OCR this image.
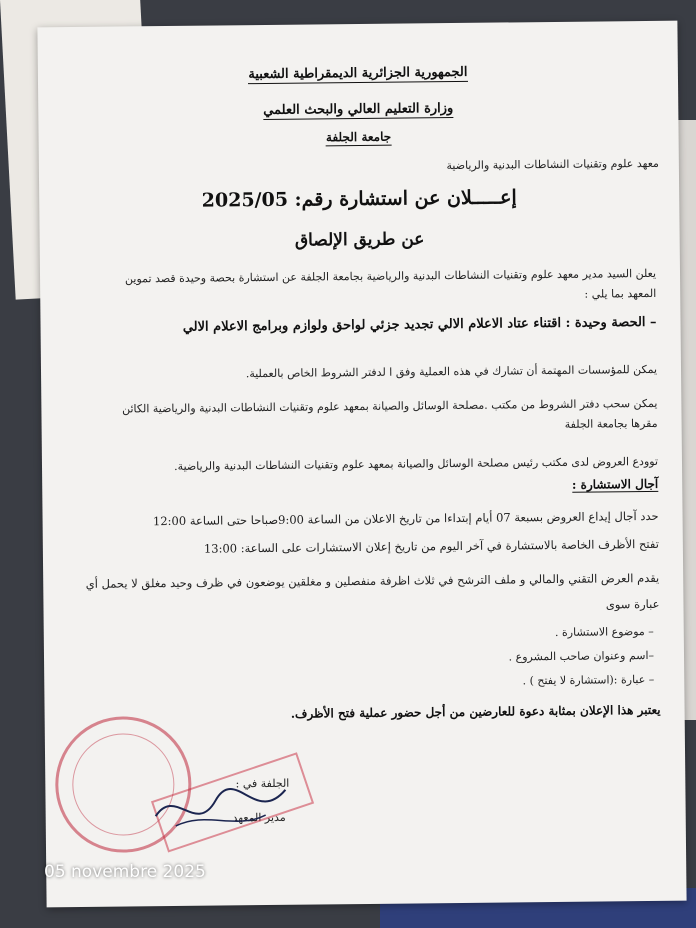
الجمهورية الجزائرية الديمقراطية الشعبية
وزارة التعليم العالي والبحث العلمي
جامعة الجلفة
معهد علوم وتقنيات النشاطات البدنية والرياضية
إعـــــلان عن استشارة رقم: 2025/05
عن طريق الإلصاق
يعلن السيد مدير معهد علوم وتقنيات النشاطات البدنية والرياضية بجامعة الجلفة عن استشارة بحصة وحيدة قصد تموين
المعهد بما يلي :
– الحصة وحيدة : اقتناء عتاد الاعلام الالي تجديد جزئي لواحق ولوازم وبرامج الاعلام الالي
يمكن للمؤسسات المهتمة أن تشارك في هذه العملية وفق ا لدفتر الشروط الخاص بالعملية.
يمكن سحب دفتر الشروط من مكتب .مصلحة الوسائل والصيانة بمعهد علوم وتقنيات النشاطات البدنية والرياضية الكائن
مقرها بجامعة الجلفة
توودع العروض لدى مكتب رئيس مصلحة الوسائل والصيانة بمعهد علوم وتقنيات النشاطات البدنية والرياضية.
آجال الاستشارة :
حدد آجال إيداع العروض بسبعة 07 أيام إبتداءا من تاريخ الاعلان من الساعة 9:00صباحا حتى الساعة 12:00
تفتح الأظرف الخاصة بالاستشارة في آخر اليوم من تاريخ إعلان الاستشارات على الساعة: 13:00
يقدم العرض التقني والمالي و ملف الترشح في ثلاث اظرفة منفصلين و مغلقين يوضعون في ظرف وحيد مغلق لا يحمل أي
عبارة سوى
– موضوع الاستشارة .
–اسم وعنوان صاحب المشروع .
– عبارة :(استشارة لا يفتح ) .
يعتبر هذا الإعلان بمثابة دعوة للعارضين من أجل حضور عملية فتح الأظرف.
الجلفة في :
مدير المعهد
05 novembre 2025
